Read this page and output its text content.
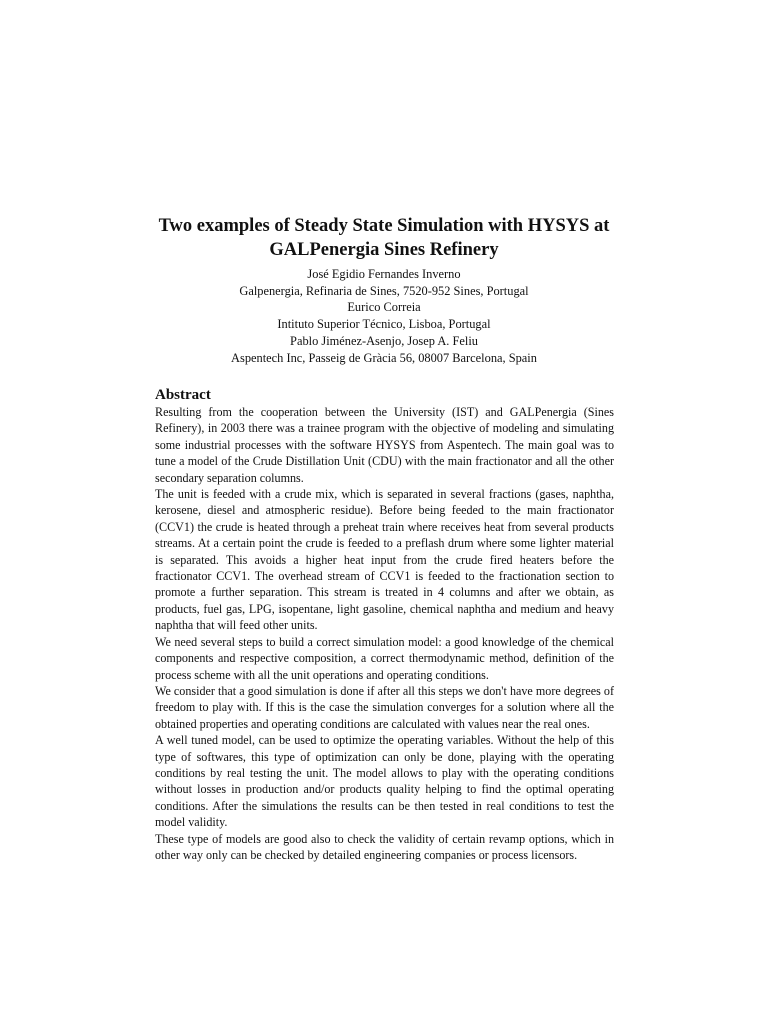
Two examples of Steady State Simulation with HYSYS at
GALPenergia Sines Refinery
José Egidio Fernandes Inverno
Galpenergia, Refinaria de Sines, 7520-952 Sines, Portugal
Eurico Correia
Intituto Superior Técnico, Lisboa, Portugal
Pablo Jiménez-Asenjo, Josep A. Feliu
Aspentech Inc, Passeig de Gràcia 56, 08007 Barcelona, Spain
Abstract

Resulting from the cooperation between the University (IST) and GALPenergia (Sines Refinery), in 2003 there was a trainee program with the objective of modeling and simulating some industrial processes with the software HYSYS from Aspentech. The main goal was to tune a model of the Crude Distillation Unit (CDU) with the main fractionator and all the other secondary separation columns.

The unit is feeded with a crude mix, which is separated in several fractions (gases, naphtha, kerosene, diesel and atmospheric residue). Before being feeded to the main fractionator (CCV1) the crude is heated through a preheat train where receives heat from several products streams. At a certain point the crude is feeded to a preflash drum where some lighter material is separated. This avoids a higher heat input from the crude fired heaters before the fractionator CCV1. The overhead stream of CCV1 is feeded to the fractionation section to promote a further separation. This stream is treated in 4 columns and after we obtain, as products, fuel gas, LPG, isopentane, light gasoline, chemical naphtha and medium and heavy naphtha that will feed other units.

We need several steps to build a correct simulation model: a good knowledge of the chemical components and respective composition, a correct thermodynamic method, definition of the process scheme with all the unit operations and operating conditions.

We consider that a good simulation is done if after all this steps we don't have more degrees of freedom to play with. If this is the case the simulation converges for a solution where all the obtained properties and operating conditions are calculated with values near the real ones.

A well tuned model, can be used to optimize the operating variables. Without the help of this type of softwares, this type of optimization can only be done, playing with the operating conditions by real testing the unit. The model allows to play with the operating conditions without losses in production and/or products quality helping to find the optimal operating conditions. After the simulations the results can be then tested in real conditions to test the model validity.

These type of models are good also to check the validity of certain revamp options, which in other way only can be checked by detailed engineering companies or process licensors.
